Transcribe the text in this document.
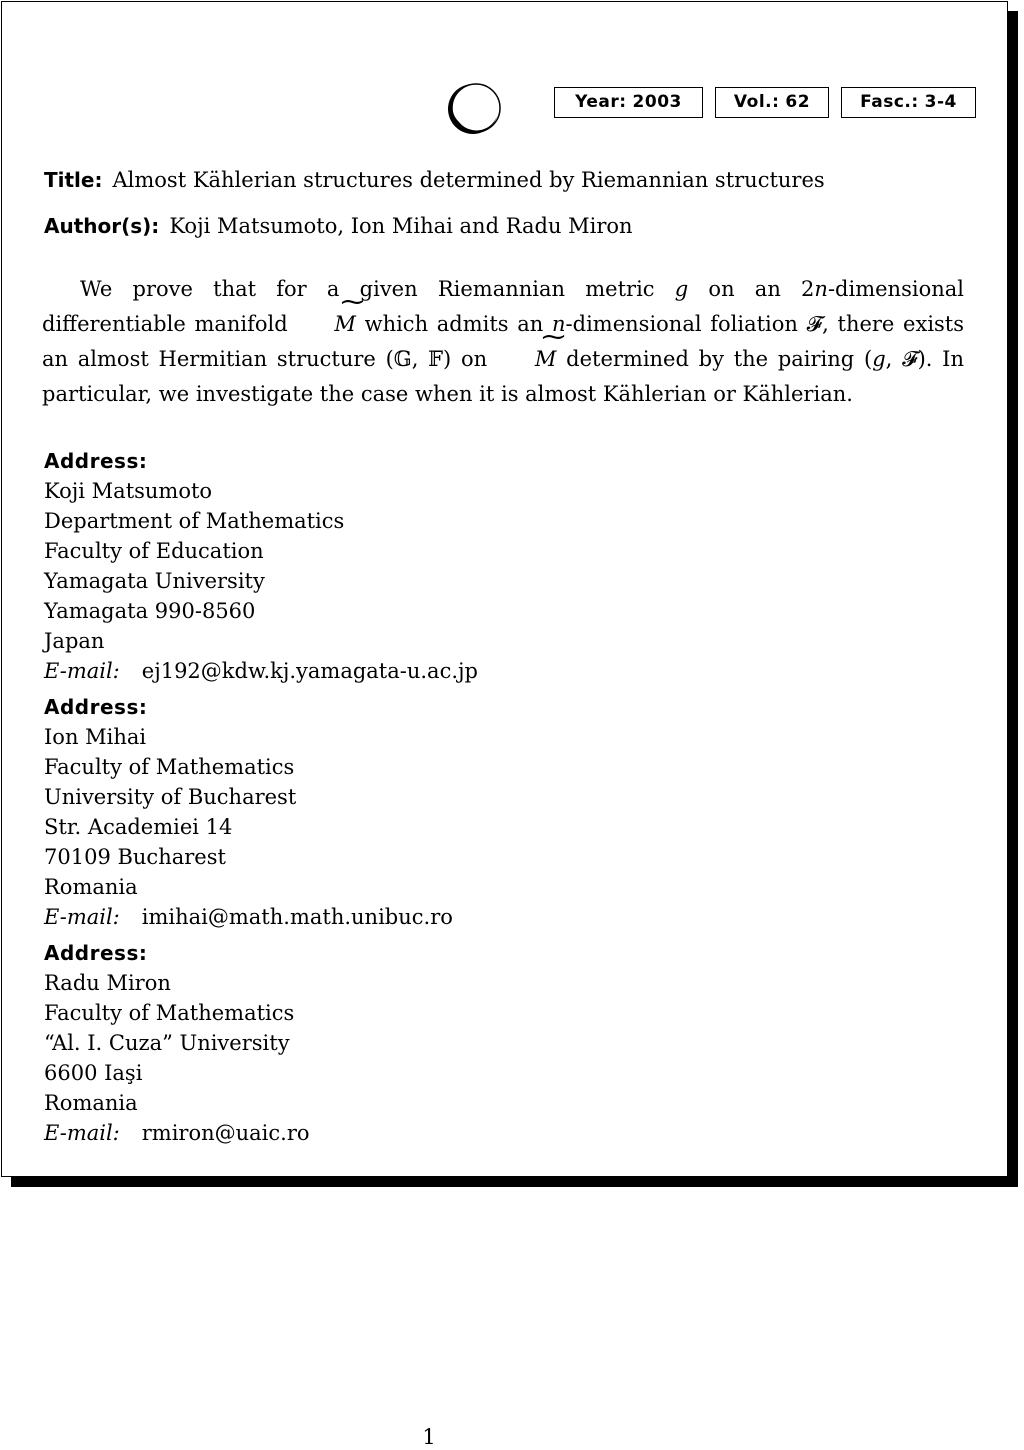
Year: 2003	Vol.: 62	Fasc.: 3-4
Title: Almost Kählerian structures determined by Riemannian structures
Author(s): Koji Matsumoto, Ion Mihai and Radu Miron
We prove that for a given Riemannian metric g on an 2n-dimensional differentiable manifold ~ M which admits an n-dimensional foliation 𝓕, there exists an almost Hermitian structure (𝔾, 𝔽) on ~ M determined by the pairing (g, 𝓕). In particular, we investigate the case when it is almost Kählerian or Kählerian.
Address:
Koji Matsumoto
Department of Mathematics
Faculty of Education
Yamagata University
Yamagata 990-8560
Japan
E-mail: ej192@kdw.kj.yamagata-u.ac.jp
Address:
Ion Mihai
Faculty of Mathematics
University of Bucharest
Str. Academiei 14
70109 Bucharest
Romania
E-mail: imihai@math.math.unibuc.ro
Address:
Radu Miron
Faculty of Mathematics
“Al. I. Cuza” University
6600 Iaşi
Romania
E-mail: rmiron@uaic.ro
1
